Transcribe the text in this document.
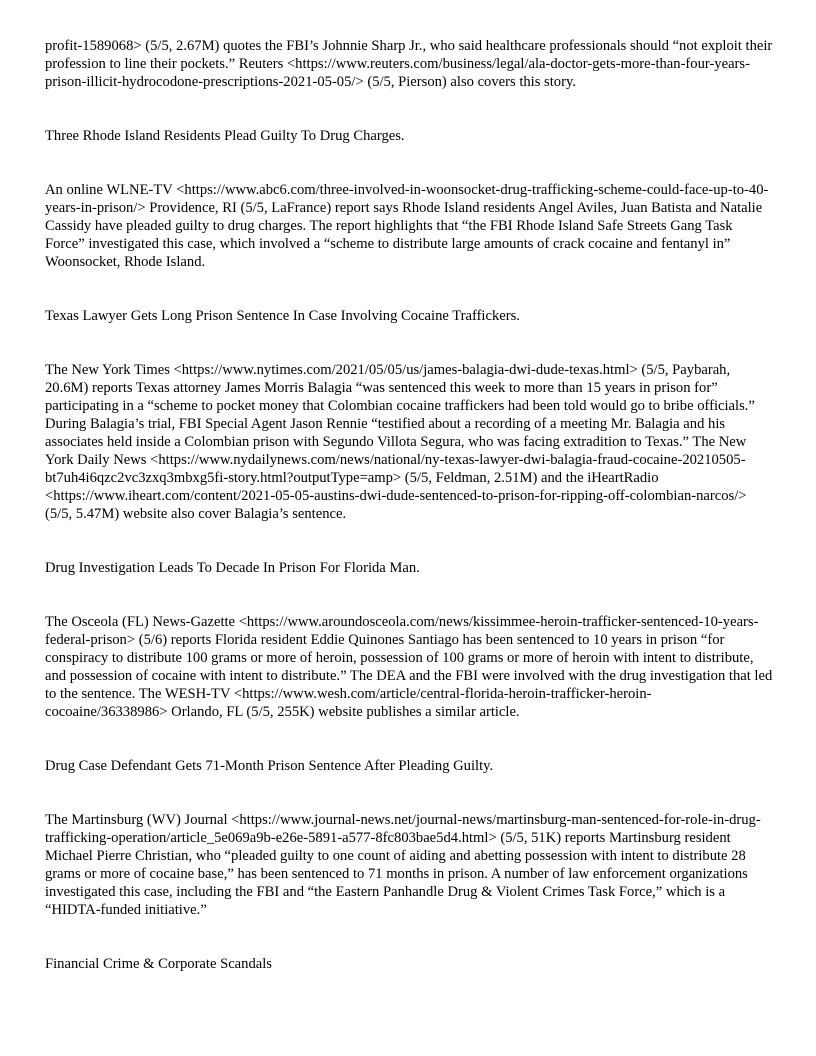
profit-1589068> (5/5, 2.67M) quotes the FBI’s Johnnie Sharp Jr., who said healthcare professionals should “not exploit their profession to line their pockets.” Reuters <https://www.reuters.com/business/legal/ala-doctor-gets-more-than-four-years-prison-illicit-hydrocodone-prescriptions-2021-05-05/> (5/5, Pierson) also covers this story.

Three Rhode Island Residents Plead Guilty To Drug Charges.

An online WLNE-TV <https://www.abc6.com/three-involved-in-woonsocket-drug-trafficking-scheme-could-face-up-to-40-years-in-prison/> Providence, RI (5/5, LaFrance) report says Rhode Island residents Angel Aviles, Juan Batista and Natalie Cassidy have pleaded guilty to drug charges. The report highlights that “the FBI Rhode Island Safe Streets Gang Task Force” investigated this case, which involved a “scheme to distribute large amounts of crack cocaine and fentanyl in” Woonsocket, Rhode Island.

Texas Lawyer Gets Long Prison Sentence In Case Involving Cocaine Traffickers.

The New York Times <https://www.nytimes.com/2021/05/05/us/james-balagia-dwi-dude-texas.html> (5/5, Paybarah, 20.6M) reports Texas attorney James Morris Balagia “was sentenced this week to more than 15 years in prison for” participating in a “scheme to pocket money that Colombian cocaine traffickers had been told would go to bribe officials.” During Balagia’s trial, FBI Special Agent Jason Rennie “testified about a recording of a meeting Mr. Balagia and his associates held inside a Colombian prison with Segundo Villota Segura, who was facing extradition to Texas.” The New York Daily News <https://www.nydailynews.com/news/national/ny-texas-lawyer-dwi-balagia-fraud-cocaine-20210505-bt7uh4i6qzc2vc3zxq3mbxg5fi-story.html?outputType=amp> (5/5, Feldman, 2.51M) and the iHeartRadio <https://www.iheart.com/content/2021-05-05-austins-dwi-dude-sentenced-to-prison-for-ripping-off-colombian-narcos/> (5/5, 5.47M) website also cover Balagia’s sentence.

Drug Investigation Leads To Decade In Prison For Florida Man.

The Osceola (FL) News-Gazette <https://www.aroundosceola.com/news/kissimmee-heroin-trafficker-sentenced-10-years-federal-prison> (5/6) reports Florida resident Eddie Quinones Santiago has been sentenced to 10 years in prison “for conspiracy to distribute 100 grams or more of heroin, possession of 100 grams or more of heroin with intent to distribute, and possession of cocaine with intent to distribute.” The DEA and the FBI were involved with the drug investigation that led to the sentence. The WESH-TV <https://www.wesh.com/article/central-florida-heroin-trafficker-heroin-cocoaine/36338986> Orlando, FL (5/5, 255K) website publishes a similar article.

Drug Case Defendant Gets 71-Month Prison Sentence After Pleading Guilty.

The Martinsburg (WV) Journal <https://www.journal-news.net/journal-news/martinsburg-man-sentenced-for-role-in-drug-trafficking-operation/article_5e069a9b-e26e-5891-a577-8fc803bae5d4.html> (5/5, 51K) reports Martinsburg resident Michael Pierre Christian, who “pleaded guilty to one count of aiding and abetting possession with intent to distribute 28 grams or more of cocaine base,” has been sentenced to 71 months in prison. A number of law enforcement organizations investigated this case, including the FBI and “the Eastern Panhandle Drug & Violent Crimes Task Force,” which is a “HIDTA-funded initiative.”

Financial Crime & Corporate Scandals
